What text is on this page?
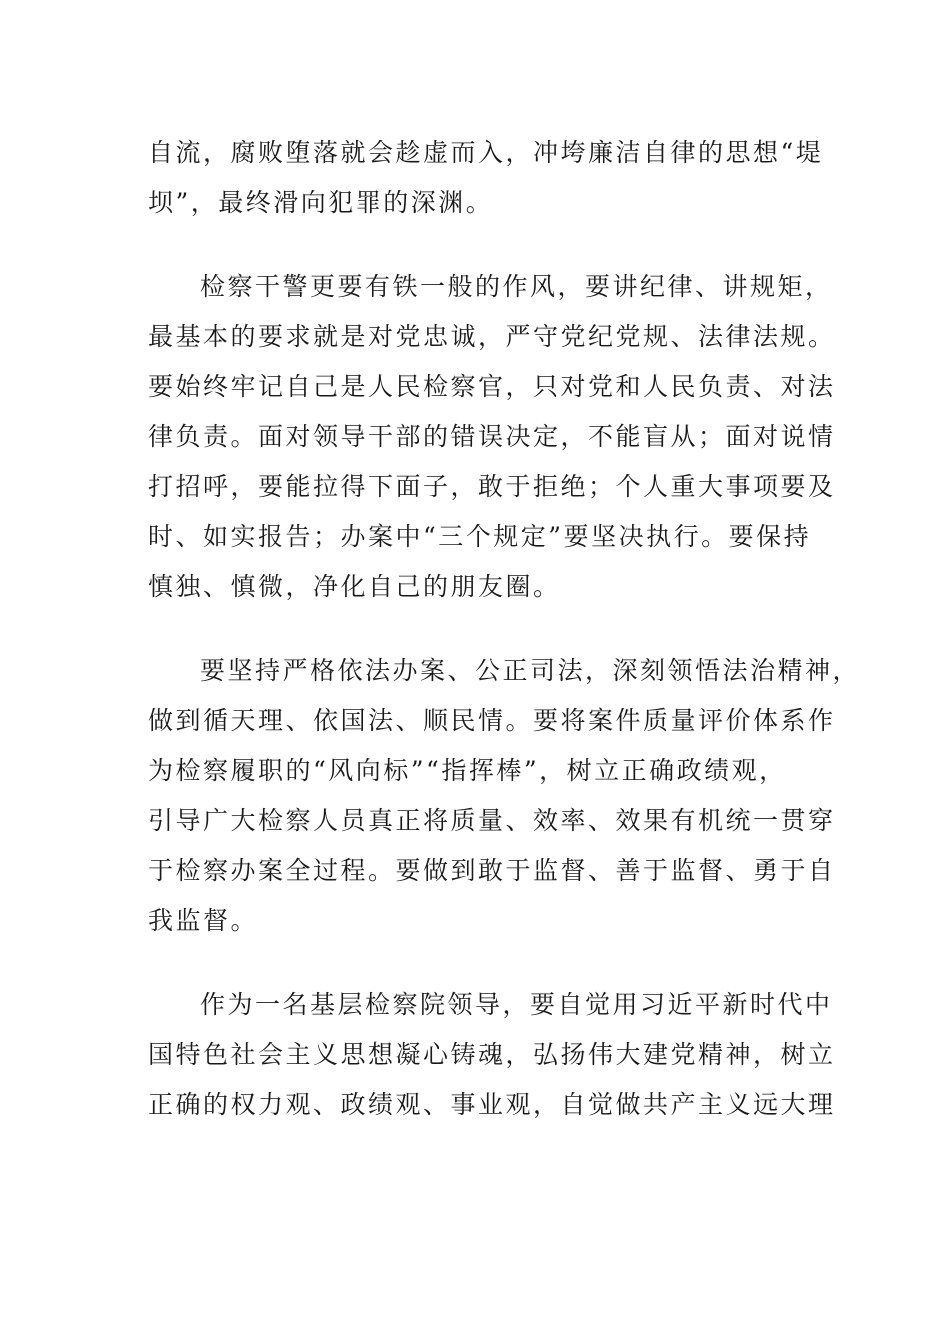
自流，腐败堕落就会趁虚而入，冲垮廉洁自律的思想“堤
坝”，最终滑向犯罪的深渊。
检察干警更要有铁一般的作风，要讲纪律、讲规矩，
最基本的要求就是对党忠诚，严守党纪党规、法律法规。
要始终牢记自己是人民检察官，只对党和人民负责、对法
律负责。面对领导干部的错误决定，不能盲从；面对说情
打招呼，要能拉得下面子，敢于拒绝；个人重大事项要及
时、如实报告；办案中“三个规定”要坚决执行。要保持
慎独、慎微，净化自己的朋友圈。
要坚持严格依法办案、公正司法，深刻领悟法治精神，
做到循天理、依国法、顺民情。要将案件质量评价体系作
为检察履职的“风向标”“指挥棒”，树立正确政绩观，
引导广大检察人员真正将质量、效率、效果有机统一贯穿
于检察办案全过程。要做到敢于监督、善于监督、勇于自
我监督。
作为一名基层检察院领导，要自觉用习近平新时代中
国特色社会主义思想凝心铸魂，弘扬伟大建党精神，树立
正确的权力观、政绩观、事业观，自觉做共产主义远大理
